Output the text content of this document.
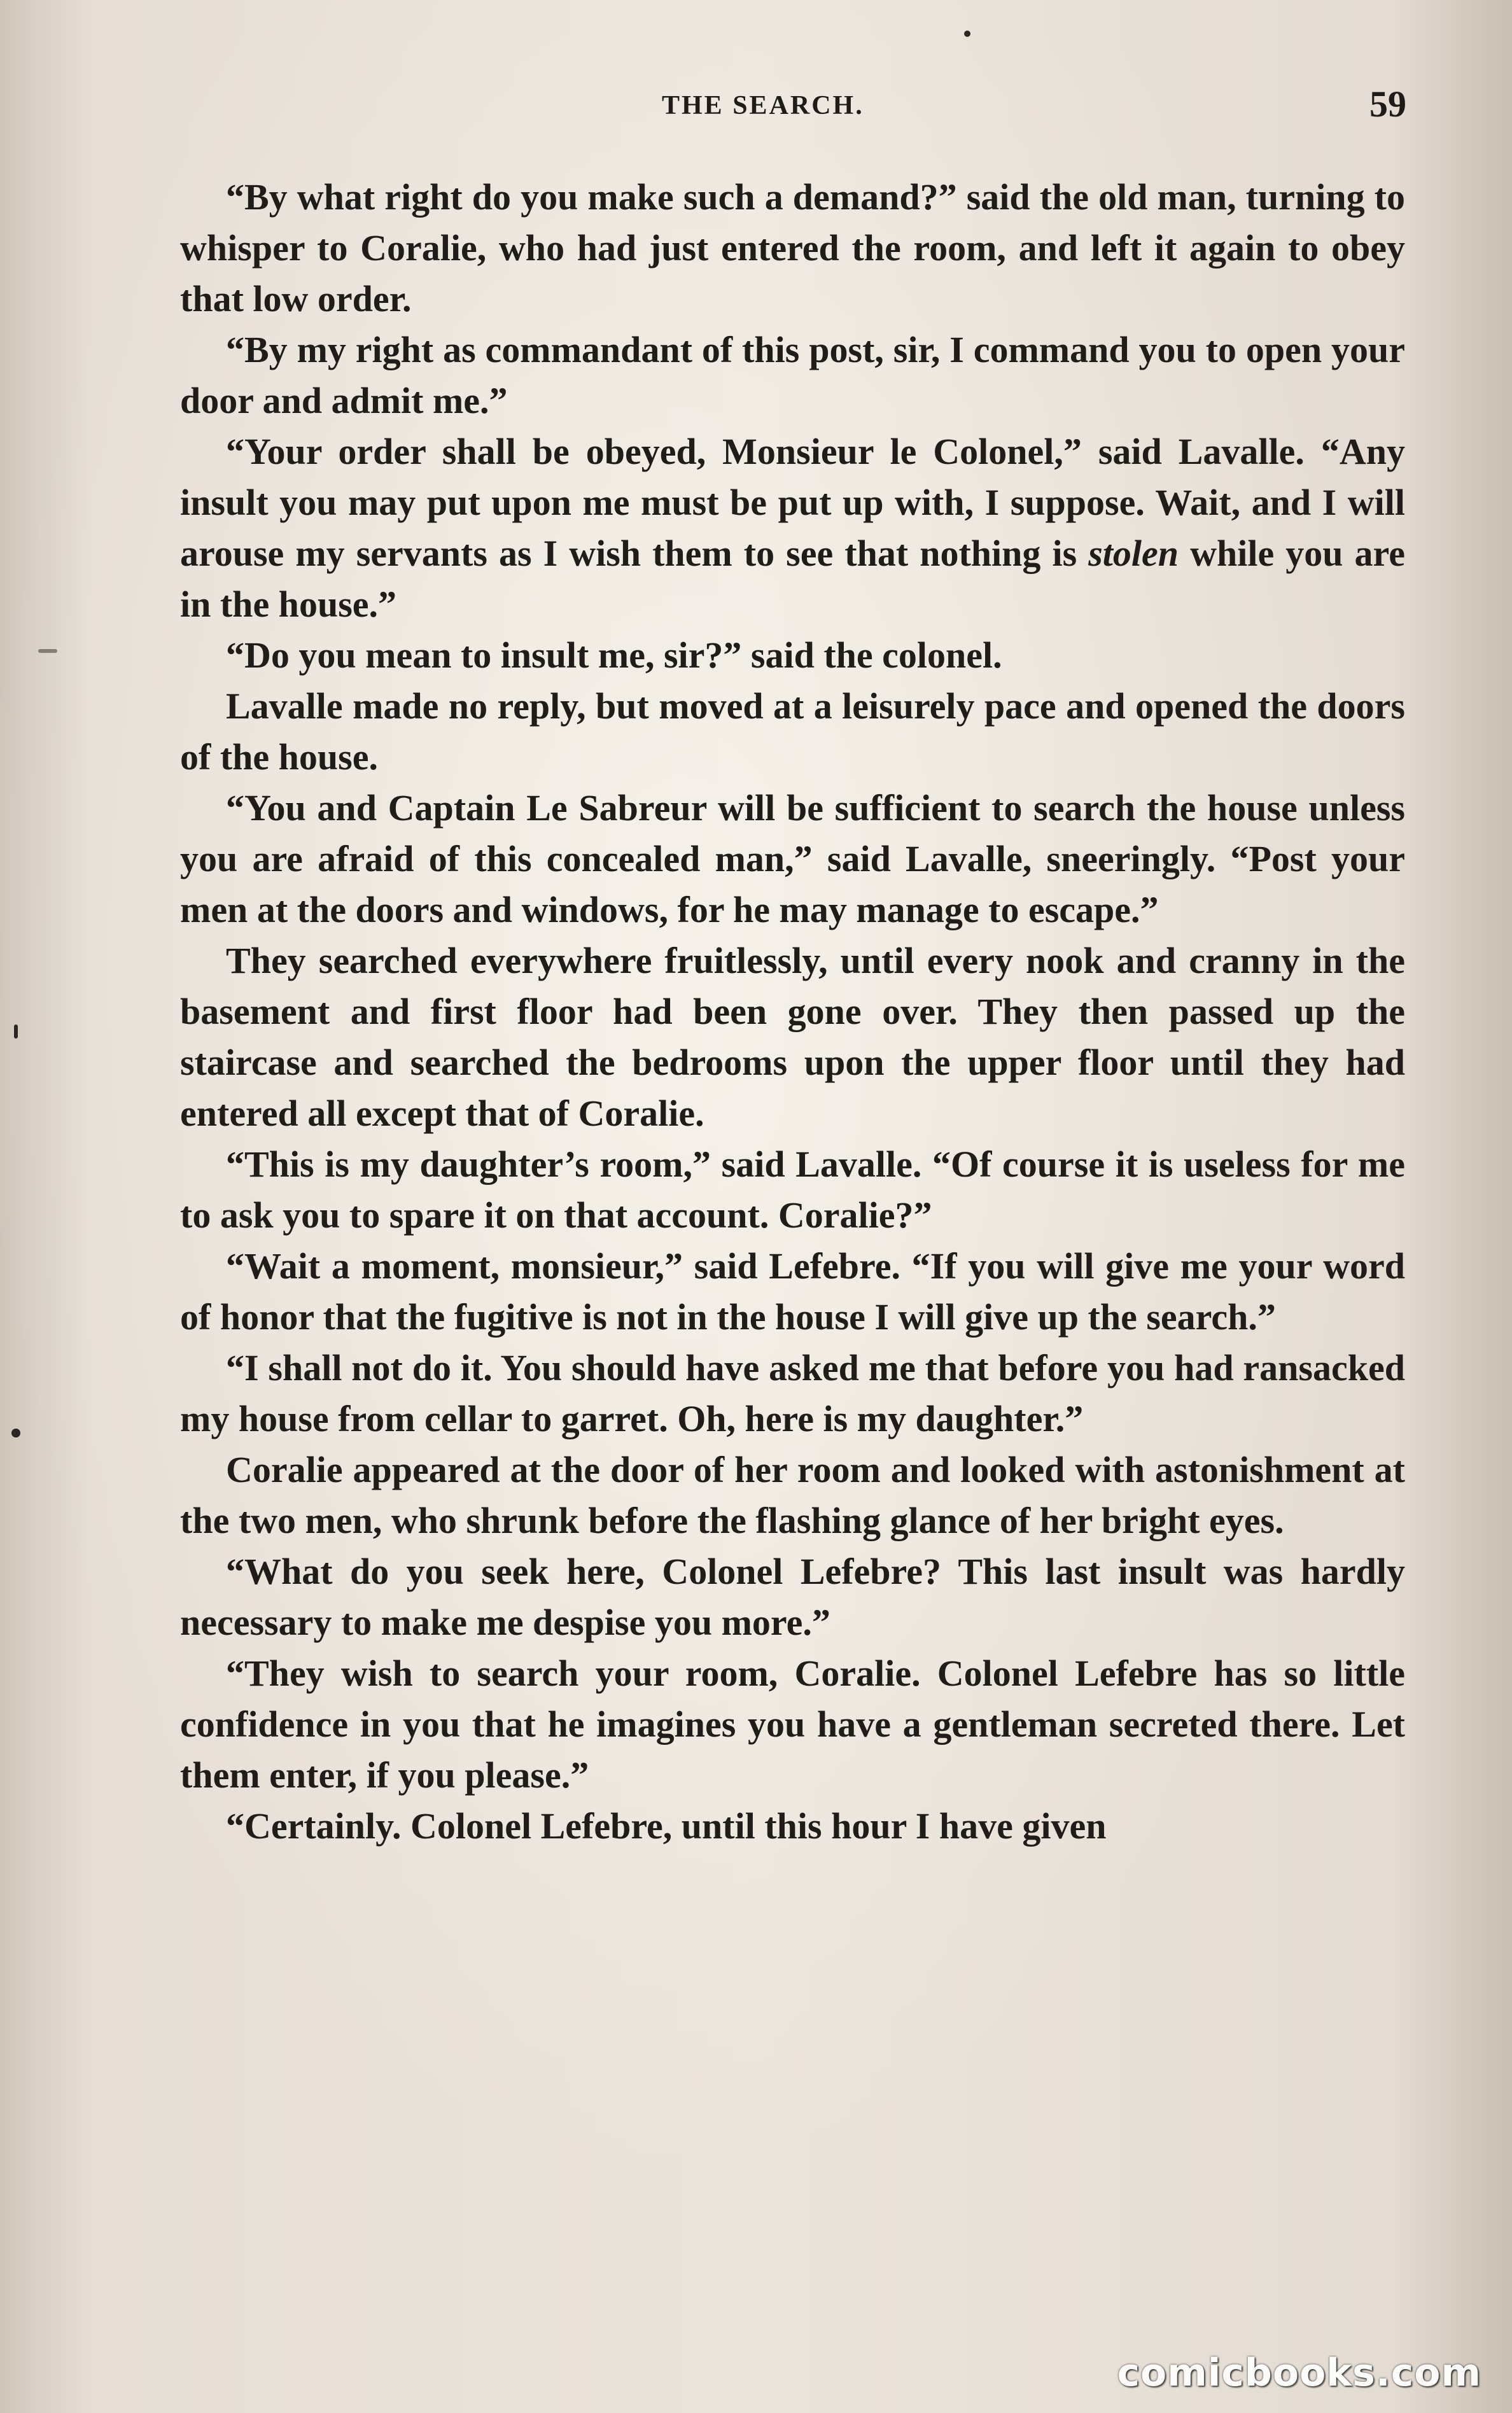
THE SEARCH.	59

“By what right do you make such a demand?” said the old man, turning to whisper to Coralie, who had just entered the room, and left it again to obey that low order.

“By my right as commandant of this post, sir, I command you to open your door and admit me.”

“Your order shall be obeyed, Monsieur le Colonel,” said Lavalle. “Any insult you may put upon me must be put up with, I suppose. Wait, and I will arouse my servants as I wish them to see that nothing is stolen while you are in the house.”

“Do you mean to insult me, sir?” said the colonel.

Lavalle made no reply, but moved at a leisurely pace and opened the doors of the house.

“You and Captain Le Sabreur will be sufficient to search the house unless you are afraid of this concealed man,” said Lavalle, sneeringly. “Post your men at the doors and windows, for he may manage to escape.”

They searched everywhere fruitlessly, until every nook and cranny in the basement and first floor had been gone over. They then passed up the staircase and searched the bedrooms upon the upper floor until they had entered all except that of Coralie.

“This is my daughter’s room,” said Lavalle. “Of course it is useless for me to ask you to spare it on that account. Coralie?”

“Wait a moment, monsieur,” said Lefebre. “If you will give me your word of honor that the fugitive is not in the house I will give up the search.”

“I shall not do it. You should have asked me that before you had ransacked my house from cellar to garret. Oh, here is my daughter.”

Coralie appeared at the door of her room and looked with astonishment at the two men, who shrunk before the flashing glance of her bright eyes.

“What do you seek here, Colonel Lefebre? This last insult was hardly necessary to make me despise you more.”

“They wish to search your room, Coralie. Colonel Lefebre has so little confidence in you that he imagines you have a gentleman secreted there. Let them enter, if you please.”

“Certainly. Colonel Lefebre, until this hour I have given

comicbooks.com
